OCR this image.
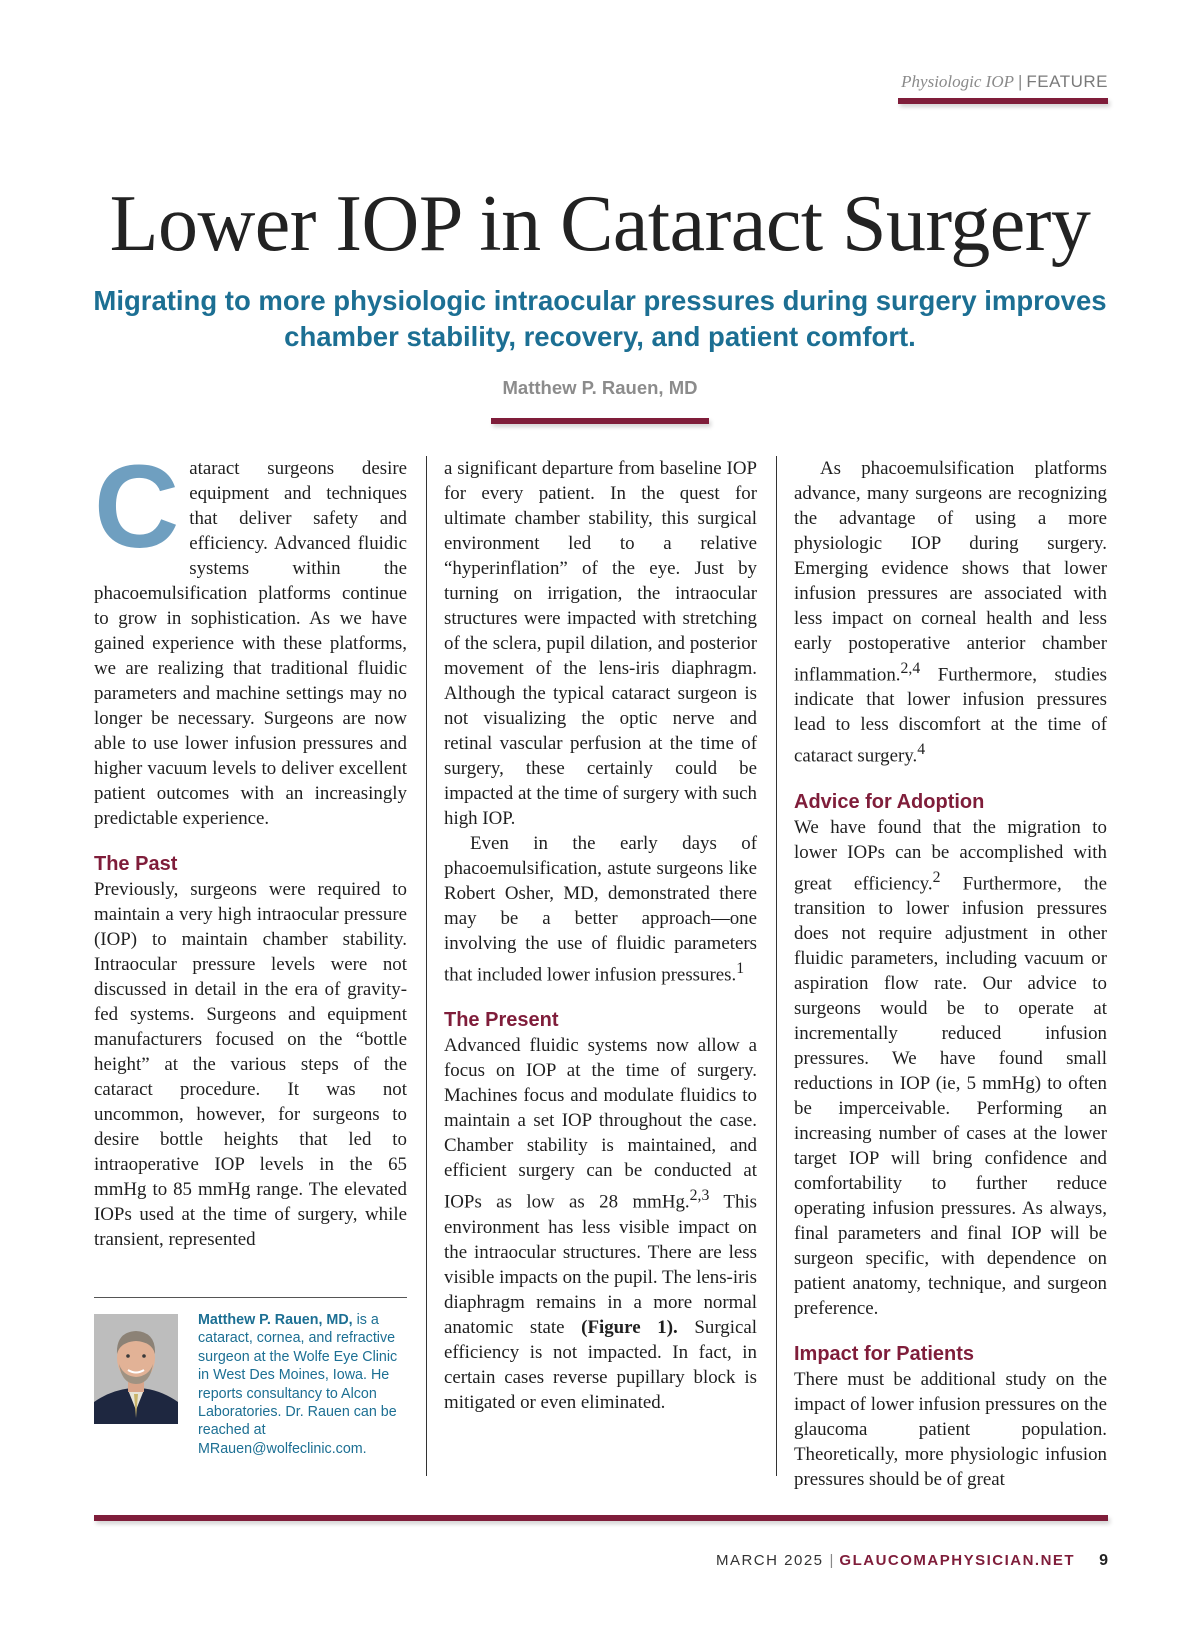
Physiologic IOP | FEATURE
Lower IOP in Cataract Surgery
Migrating to more physiologic intraocular pressures during surgery improves chamber stability, recovery, and patient comfort.
Matthew P. Rauen, MD

Cataract surgeons desire equipment and techniques that deliver safety and efficiency. Advanced fluidic systems within the phacoemulsification platforms continue to grow in sophistication. As we have gained experience with these platforms, we are realizing that traditional fluidic parameters and machine settings may no longer be necessary. Surgeons are now able to use lower infusion pressures and higher vacuum levels to deliver excellent patient outcomes with an increasingly predictable experience.

The Past

Previously, surgeons were required to maintain a very high intraocular pressure (IOP) to maintain chamber stability. Intraocular pressure levels were not discussed in detail in the era of gravity-fed systems. Surgeons and equipment manufacturers focused on the “bottle height” at the various steps of the cataract procedure. It was not uncommon, however, for surgeons to desire bottle heights that led to intraoperative IOP levels in the 65 mmHg to 85 mmHg range. The elevated IOPs used at the time of surgery, while transient, represented

Matthew P. Rauen, MD, is a cataract, cornea, and refractive surgeon at the Wolfe Eye Clinic in West Des Moines, Iowa. He reports consultancy to Alcon Laboratories. Dr. Rauen can be reached at MRauen@wolfeclinic.com.

a significant departure from baseline IOP for every patient. In the quest for ultimate chamber stability, this surgical environment led to a relative “hyperinflation” of the eye. Just by turning on irrigation, the intraocular structures were impacted with stretching of the sclera, pupil dilation, and posterior movement of the lens-iris diaphragm. Although the typical cataract surgeon is not visualizing the optic nerve and retinal vascular perfusion at the time of surgery, these certainly could be impacted at the time of surgery with such high IOP.

Even in the early days of phacoemulsification, astute surgeons like Robert Osher, MD, demonstrated there may be a better approach—one involving the use of fluidic parameters that included lower infusion pressures.$^1$

The Present

Advanced fluidic systems now allow a focus on IOP at the time of surgery. Machines focus and modulate fluidics to maintain a set IOP throughout the case. Chamber stability is maintained, and efficient surgery can be conducted at IOPs as low as 28 mmHg.$^{2,3}$ This environment has less visible impact on the intraocular structures. There are less visible impacts on the pupil. The lens-iris diaphragm remains in a more normal anatomic state (Figure 1). Surgical efficiency is not impacted. In fact, in certain cases reverse pupillary block is mitigated or even eliminated.

As phacoemulsification platforms advance, many surgeons are recognizing the advantage of using a more physiologic IOP during surgery. Emerging evidence shows that lower infusion pressures are associated with less impact on corneal health and less early postoperative anterior chamber inflammation.$^{2,4}$ Furthermore, studies indicate that lower infusion pressures lead to less discomfort at the time of cataract surgery.$^4$

Advice for Adoption

We have found that the migration to lower IOPs can be accomplished with great efficiency.$^2$ Furthermore, the transition to lower infusion pressures does not require adjustment in other fluidic parameters, including vacuum or aspiration flow rate. Our advice to surgeons would be to operate at incrementally reduced infusion pressures. We have found small reductions in IOP (ie, 5 mmHg) to often be imperceivable. Performing an increasing number of cases at the lower target IOP will bring confidence and comfortability to further reduce operating infusion pressures. As always, final parameters and final IOP will be surgeon specific, with dependence on patient anatomy, technique, and surgeon preference.

Impact for Patients

There must be additional study on the impact of lower infusion pressures on the glaucoma patient population. Theoretically, more physiologic infusion pressures should be of great

MARCH 2025 | GLAUCOMAPHYSICIAN.NET 9
